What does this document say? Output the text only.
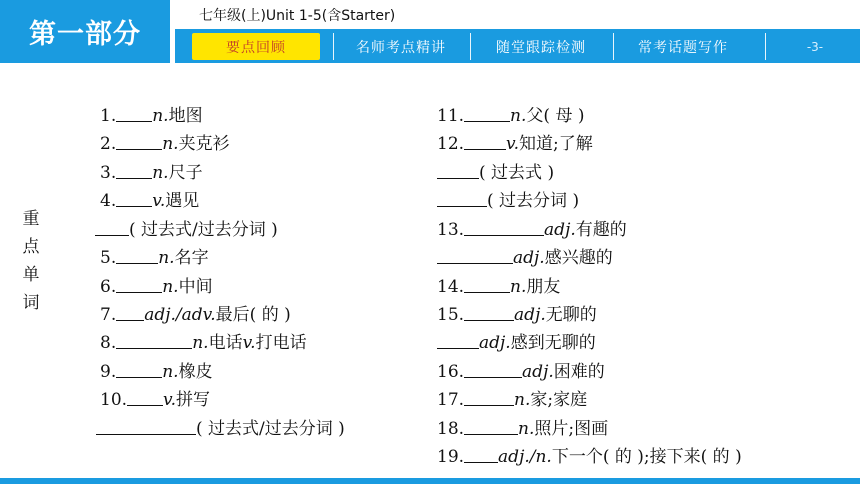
第一部分
七年级(上)Unit 1-5(含Starter)
要点回顾	名师考点精讲	随堂跟踪检测	常考话题写作	-3-
重
点
单
词
1. n.地图
2.	n.夹克衫
3. n.尺子
4. v.遇见
( 过去式/过去分词 )
5. n.名字
6.	n.中间
7. adj./adv.最后( 的 )
8.	n.电话v.打电话
9.	n.橡皮
10. v.拼写
( 过去式/过去分词 )
11.	n.父( 母 )
12. v.知道;了解
( 过去式 )
( 过去分词 )
13.	adj.有趣的
adj.感兴趣的
14.	n.朋友
15.	adj.无聊的
adj.感到无聊的
16.	adj.困难的
17.	n.家;家庭
18.	n.照片;图画
19. adj./n.下一个( 的 );接下来( 的 )
